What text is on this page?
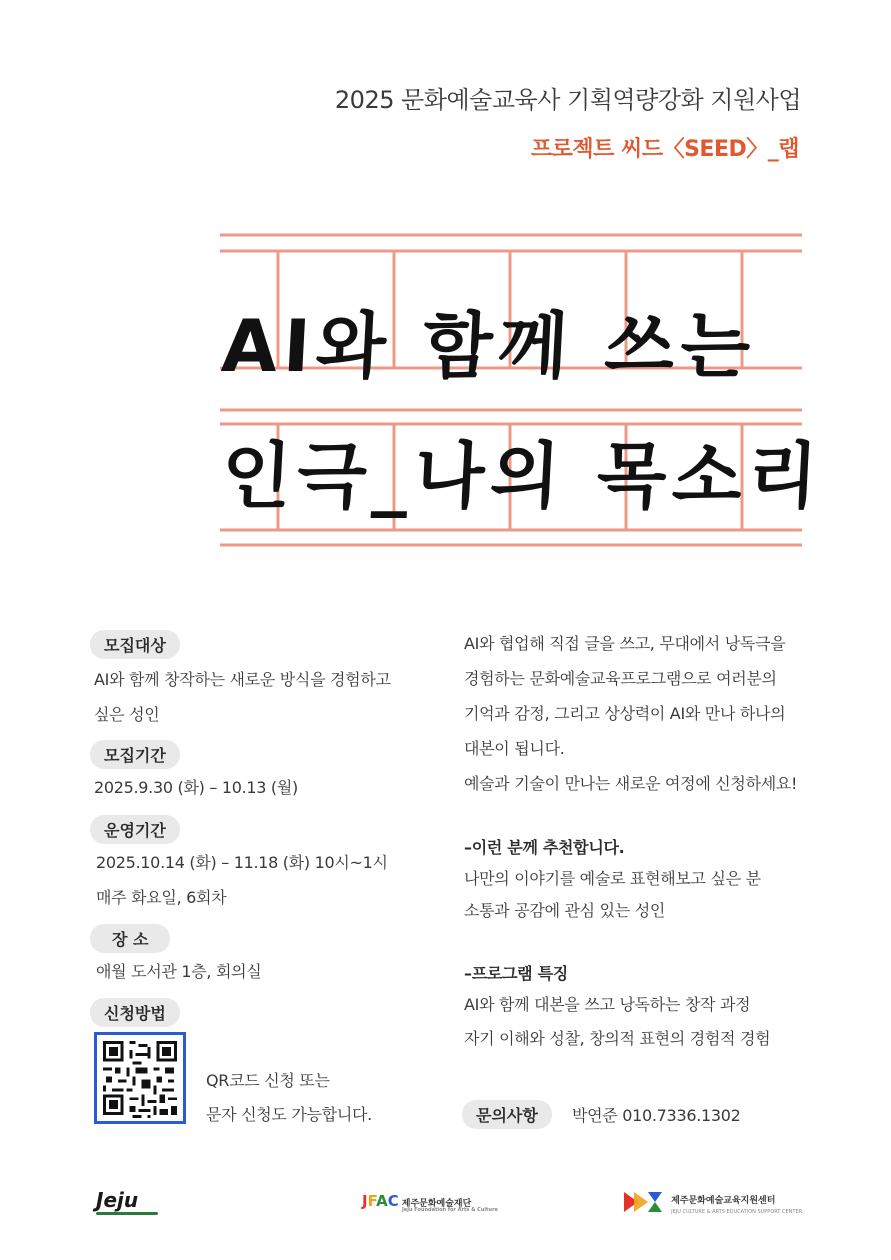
2025 문화예술교육사 기획역량강화 지원사업
프로젝트 씨드〈SEED〉_랩
AI와 함께 쓰는
인극_나의 목소리
모집대상
AI와 함께 창작하는 새로운 방식을 경험하고
싶은 성인
모집기간
2025.9.30 (화) – 10.13 (월)
운영기간
2025.10.14 (화) – 11.18 (화) 10시~1시
매주 화요일, 6회차
장 소
애월 도서관 1층, 회의실
신청방법
QR코드 신청 또는
문자 신청도 가능합니다.
AI와 협업해 직접 글을 쓰고, 무대에서 낭독극을
경험하는 문화예술교육프로그램으로 여러분의
기억과 감정, 그리고 상상력이 AI와 만나 하나의
대본이 됩니다.
예술과 기술이 만나는 새로운 여정에 신청하세요!
–이런 분께 추천합니다.
나만의 이야기를 예술로 표현해보고 싶은 분
소통과 공감에 관심 있는 성인
–프로그램 특징
AI와 함께 대본을 쓰고 낭독하는 창작 과정
자기 이해와 성찰, 창의적 표현의 경험적 경험
문의사항	박연준 010.7336.1302
Jeju	JFAC 제주문화예술재단
Jeju Foundation for Arts & Culture
제주문화예술교육지원센터
JEJU CULTURE & ARTS EDUCATION SUPPORT CENTER
